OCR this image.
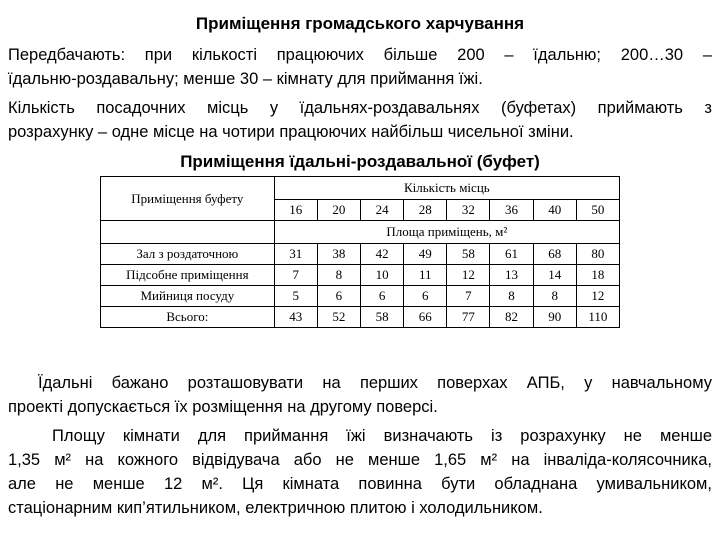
Приміщення громадського харчування
Передбачають: при кількості працюючих більше 200 – їдальню; 200…30 –
їдальню-роздавальну; менше 30 – кімнату для приймання їжі.
Кількість посадочних місць у їдальнях-роздавальнях (буфетах) приймають з
розрахунку – одне місце на чотири працюючих найбільш чисельної зміни.
Приміщення їдальні-роздавальної (буфет)
Приміщення буфету	Кількість місць							
	16	20	24	28	32	36	40	50
	Площа приміщень, м²							
Зал з роздаточною	31	38	42	49	58	61	68	80
Підсобне приміщення	7	8	10	11	12	13	14	18
Мийниця посуду	5	6	6	6	7	8	8	12
Всього:	43	52	58	66	77	82	90	110
Їдальні бажано розташовувати на перших поверхах АПБ, у навчальному
проекті допускається їх розміщення на другому поверсі.
Площу кімнати для приймання їжі визначають із розрахунку не менше
1,35 м² на кожного відвідувача або не менше 1,65 м² на інваліда-колясочника,
але не менше 12 м². Ця кімната повинна бути обладнана умивальником,
стаціонарним кип’ятильником, електричною плитою і холодильником.
